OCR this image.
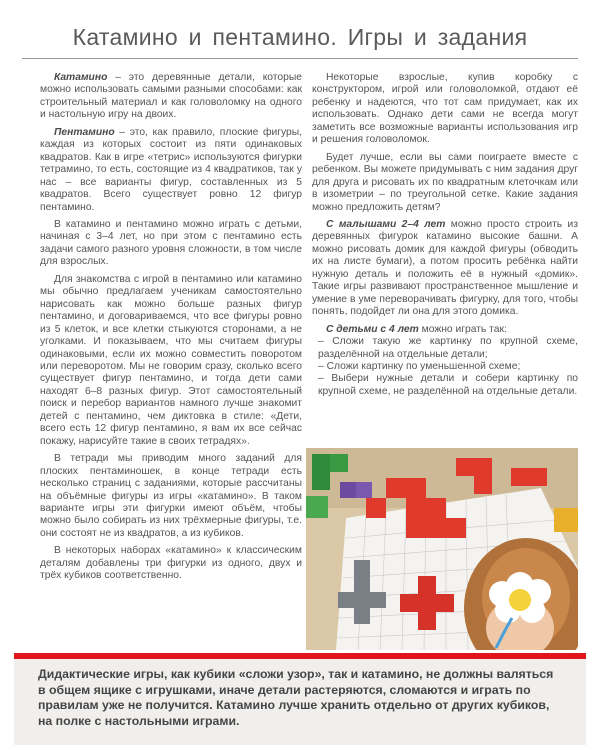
Катамино и пентамино. Игры и задания

Катамино – это деревянные детали, которые можно использовать самыми разными способами: как строительный материал и как головоломку на одного и настольную игру на двоих.

Пентамино – это, как правило, плоские фигуры, каждая из которых состоит из пяти одинаковых квадратов. Как в игре «тетрис» используются фигурки тетрамино, то есть, состоящие из 4 квадратиков, так у нас – все варианты фигур, составленных из 5 квадратов. Всего существует ровно 12 фигур пентамино.

В катамино и пентамино можно играть с детьми, начиная с 3–4 лет, но при этом с пентамино есть задачи самого разного уровня сложности, в том числе для взрослых.

Для знакомства с игрой в пентамино или катамино мы обычно предлагаем ученикам самостоятельно нарисовать как можно больше разных фигур пентамино, и договариваемся, что все фигуры ровно из 5 клеток, и все клетки стыкуются сторонами, а не уголками. И показываем, что мы считаем фигуры одинаковыми, если их можно совместить поворотом или переворотом. Мы не говорим сразу, сколько всего существует фигур пентамино, и тогда дети сами находят 6–8 разных фигур. Этот самостоятельный поиск и перебор вариантов намного лучше знакомит детей с пентамино, чем диктовка в стиле: «Дети, всего есть 12 фигур пентамино, я вам их все сейчас покажу, нарисуйте такие в своих тетрадях».

В тетради мы приводим много заданий для плоских пентаминошек, в конце тетради есть несколько страниц с заданиями, которые рассчитаны на объёмные фигуры из игры «катамино». В таком варианте игры эти фигурки имеют объём, чтобы можно было собирать из них трёхмерные фигуры, т.е. они состоят не из квадратов, а из кубиков.

В некоторых наборах «катамино» к классическим деталям добавлены три фигурки из одного, двух и трёх кубиков соответственно.

Некоторые взрослые, купив коробку с конструктором, игрой или головоломкой, отдают её ребенку и надеются, что тот сам придумает, как их использовать. Однако дети сами не всегда могут заметить все возможные варианты использования игр и решения головоломок.

Будет лучше, если вы сами поиграете вместе с ребенком. Вы можете придумывать с ним задания друг для друга и рисовать их по квадратным клеточкам или в изометрии – по треугольной сетке. Какие задания можно предложить детям?

С малышами 2–4 лет можно просто строить из деревянных фигурок катамино высокие башни. А можно рисовать домик для каждой фигуры (обводить их на листе бумаги), а потом просить ребёнка найти нужную деталь и положить её в нужный «домик». Такие игры развивают пространственное мышление и умение в уме переворачивать фигурку, для того, чтобы понять, подойдет ли она для этого домика.

С детьми с 4 лет можно играть так:

– Сложи такую же картинку по крупной схеме, разделённой на отдельные детали;

– Сложи картинку по уменьшенной схеме;

– Выбери нужные детали и собери картинку по крупной схеме, не разделённой на отдельные детали.

Дидактические игры, как кубики «сложи узор», так и катамино, не должны валяться в общем ящике с игрушками, иначе детали растеряются, сломаются и играть по правилам уже не получится. Катамино лучше хранить отдельно от других кубиков, на полке с настольными играми.
